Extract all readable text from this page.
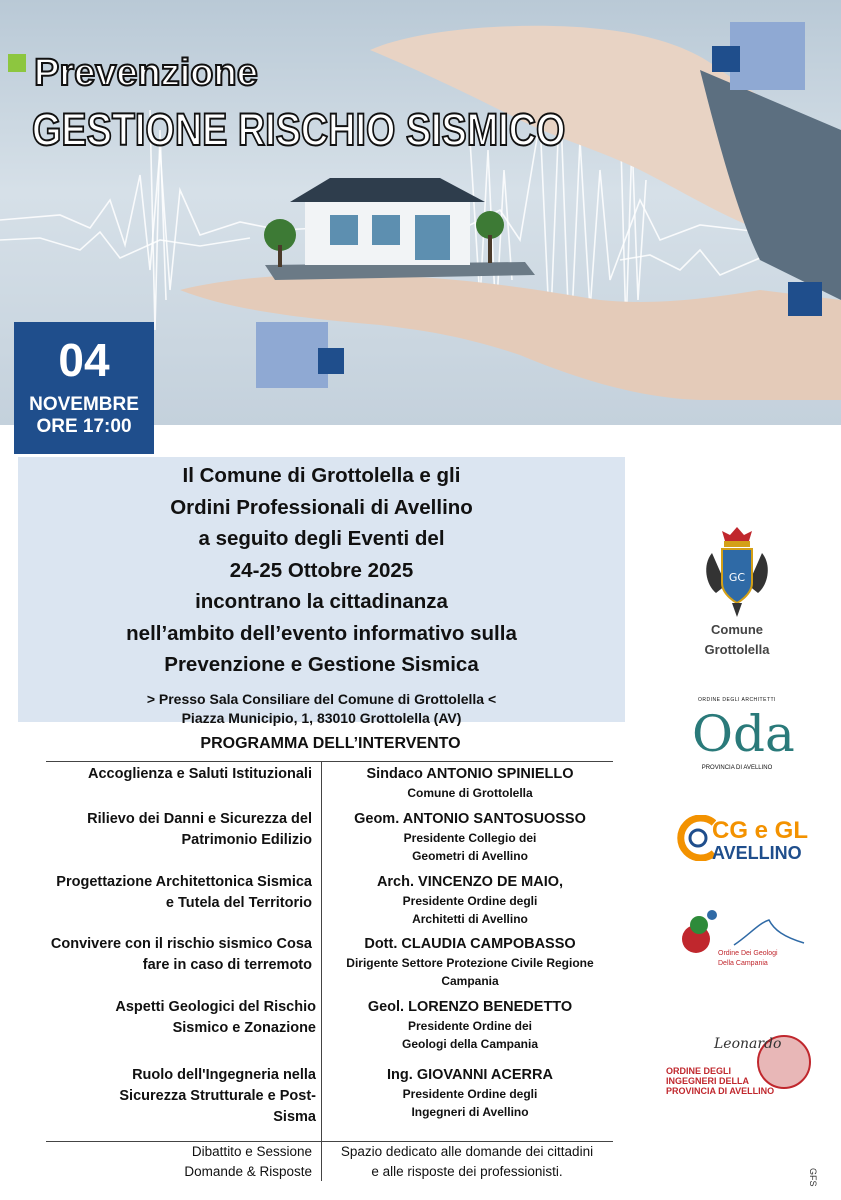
Prevenzione
GESTIONE RISCHIO SISMICO
04
NOVEMBRE
ORE 17:00
Il Comune di Grottolella e gli
Ordini Professionali di Avellino
a seguito degli Eventi del
24-25 Ottobre 2025
incontrano la cittadinanza
nell’ambito dell’evento informativo sulla
Prevenzione e Gestione Sismica
> Presso Sala Consiliare del Comune di Grottolella <
Piazza Municipio, 1, 83010 Grottolella (AV)
PROGRAMMA DELL’INTERVENTO
Accoglienza e Saluti Istituzionali	Sindaco ANTONIO SPINIELLO
Comune di Grottolella
Rilievo dei Danni e Sicurezza del Patrimonio Edilizio
Geom. ANTONIO SANTOSUOSSO
Presidente Collegio dei Geometri di Avellino
Progettazione Architettonica Sismica e Tutela del Territorio
Arch. VINCENZO DE MAIO,
Presidente Ordine degli Architetti di Avellino
Convivere con il rischio sismico Cosa fare in caso di terremoto
Dott. CLAUDIA CAMPOBASSO
Dirigente Settore Protezione Civile Regione Campania
Aspetti Geologici del Rischio Sismico e Zonazione
Geol. LORENZO BENEDETTO
Presidente Ordine dei Geologi della Campania
Ruolo dell'Ingegneria nella Sicurezza Strutturale e Post-Sisma
Ing. GIOVANNI ACERRA
Presidente Ordine degli Ingegneri di Avellino
Dibattito e Sessione
Domande & Risposte
Spazio dedicato alle domande dei cittadini
e alle risposte dei professionisti.
GC
Comune
Grottolella
ORDINE DEGLI ARCHITETTI
Oda
PROVINCIA DI AVELLINO
CG e GL
AVELLINO
Ordine Dei Geologi
Della Campania
Leonardo
ORDINE DEGLI
INGEGNERI DELLA
PROVINCIA DI AVELLINO
GFS
